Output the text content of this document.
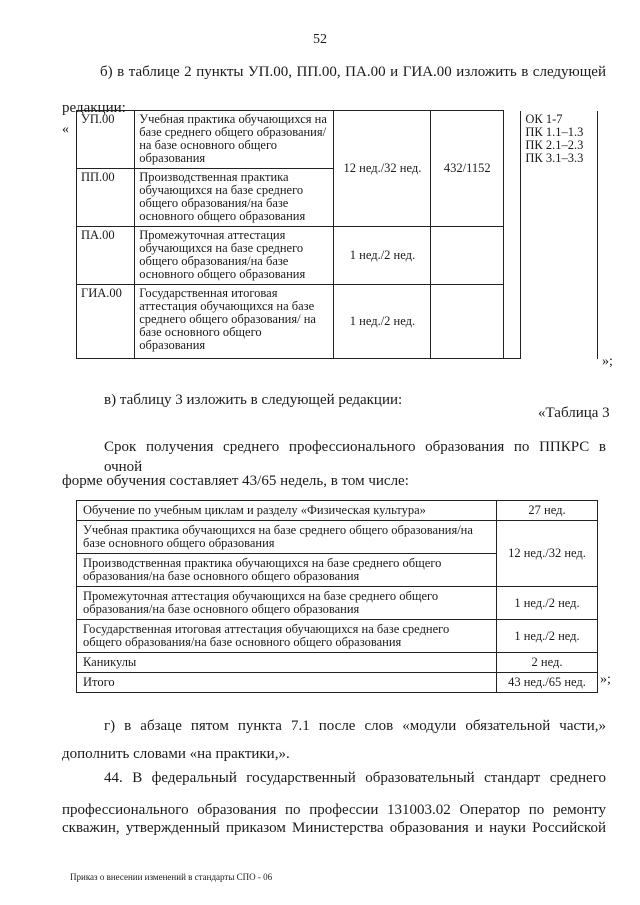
52
б) в таблице 2 пункты УП.00, ПП.00, ПА.00 и ГИА.00 изложить в следующей
редакции:
«
УП.00	Учебная практика обучающихся на базе среднего общего образования/на базе основного общего образования	12 нед./32 нед.	432/1152		ОК 1-7
ПК 1.1–1.3
ПК 2.1–2.3
ПК 3.1–3.3

ПП.00	Производственная практика обучающихся на базе среднего общего образования/на базе основного общего образования				
ПА.00	Промежуточная аттестация обучающихся на базе среднего общего образования/на базе основного общего образования	1 нед./2 нед.			
ГИА.00	Государственная итоговая аттестация обучающихся на базе среднего общего образования/ на базе основного общего образования	1 нед./2 нед.			
»;
в) таблицу 3 изложить в следующей редакции:
«Таблица 3
Срок получения среднего профессионального образования по ППКРС в очной
форме обучения составляет 43/65 недель, в том числе:
Обучение по учебным циклам и разделу «Физическая культура»	27 нед.
Учебная практика обучающихся на базе среднего общего образования/на базе основного общего образования	12 нед./32 нед.
Производственная практика обучающихся на базе среднего общего образования/на базе основного общего образования	
Промежуточная аттестация обучающихся на базе среднего общего образования/на базе основного общего образования	1 нед./2 нед.
Государственная итоговая аттестация обучающихся на базе среднего общего образования/на базе основного общего образования	1 нед./2 нед.
Каникулы	2 нед.
Итого	43 нед./65 нед. »;
г) в абзаце пятом пункта 7.1 после слов «модули обязательной части,»
дополнить словами «на практики,».
44. В федеральный государственный образовательный стандарт среднего
профессионального образования по профессии 131003.02 Оператор по ремонту
скважин, утвержденный приказом Министерства образования и науки Российской
Приказ о внесении изменений в стандарты СПО - 06
